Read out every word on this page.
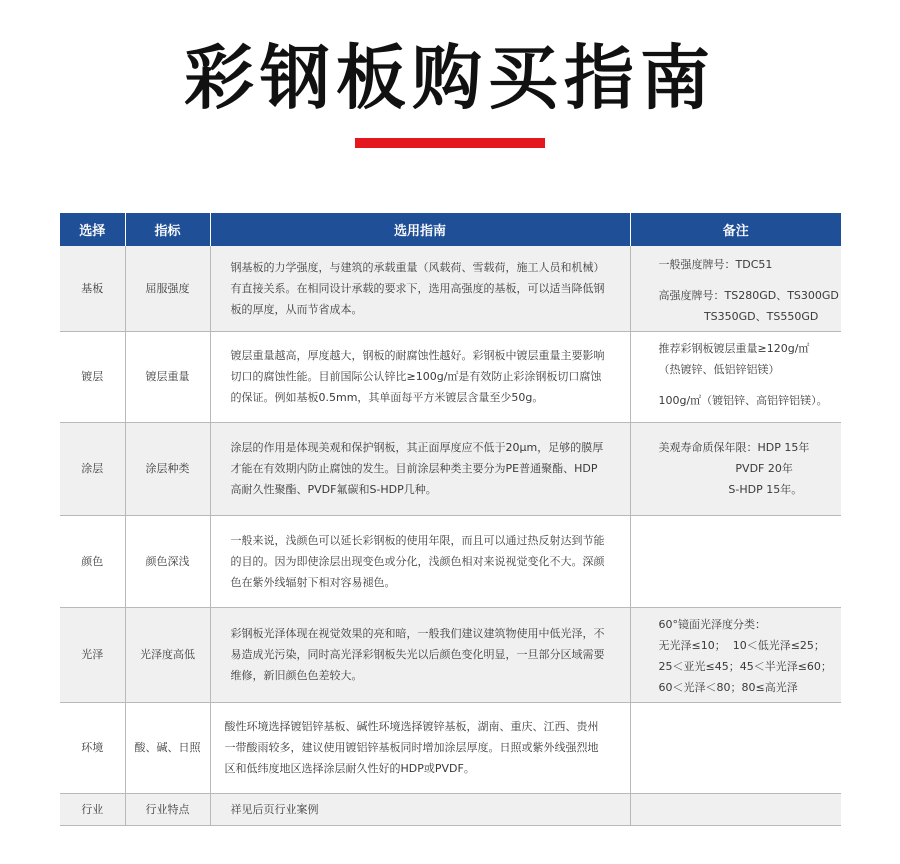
彩钢板购买指南
选择	指标	选用指南	备注
基板	屈服强度	钢基板的力学强度，与建筑的承载重量（风载荷、雪载荷，施工人员和机械）有直接关系。在相同设计承载的要求下，选用高强度的基板，可以适当降低钢板的厚度，从而节省成本。	一般强度牌号：TDC51
高强度牌号：TS280GD、TS300GD
TS350GD、TS550GD

镀层	镀层重量	镀层重量越高，厚度越大，钢板的耐腐蚀性越好。彩钢板中镀层重量主要影响切口的腐蚀性能。目前国际公认锌比≥100g/㎡是有效防止彩涂钢板切口腐蚀的保证。例如基板0.5mm，其单面每平方米镀层含量至少50g。	推荐彩钢板镀层重量≥120g/㎡
（热镀锌、低铝锌铝镁）
100g/㎡（镀铝锌、高铝锌铝镁）。

涂层	涂层种类	涂层的作用是体现美观和保护钢板，其正面厚度应不低于20μm，足够的膜厚才能在有效期内防止腐蚀的发生。目前涂层种类主要分为PE普通聚酯、HDP高耐久性聚酯、PVDF氟碳和S-HDP几种。	美观寿命质保年限：HDP 15年
PVDF 20年
S-HDP 15年。

颜色	颜色深浅	一般来说，浅颜色可以延长彩钢板的使用年限，而且可以通过热反射达到节能的目的。因为即使涂层出现变色或分化，浅颜色相对来说视觉变化不大。深颜色在紫外线辐射下相对容易褪色。	
光泽	光泽度高低	彩钢板光泽体现在视觉效果的亮和暗，一般我们建议建筑物使用中低光泽，不易造成光污染，同时高光泽彩钢板失光以后颜色变化明显，一旦部分区域需要维修，新旧颜色色差较大。	60°镜面光泽度分类：
无光泽≤10；  10＜低光泽≤25；
25＜亚光≤45；45＜半光泽≤60；
60＜光泽＜80；80≤高光泽

环境	酸、碱、日照	酸性环境选择镀铝锌基板、碱性环境选择镀锌基板，湖南、重庆、江西、贵州一带酸雨较多，建议使用镀铝锌基板同时增加涂层厚度。日照或紫外线强烈地区和低纬度地区选择涂层耐久性好的HDP或PVDF。	
行业	行业特点	祥见后页行业案例	
